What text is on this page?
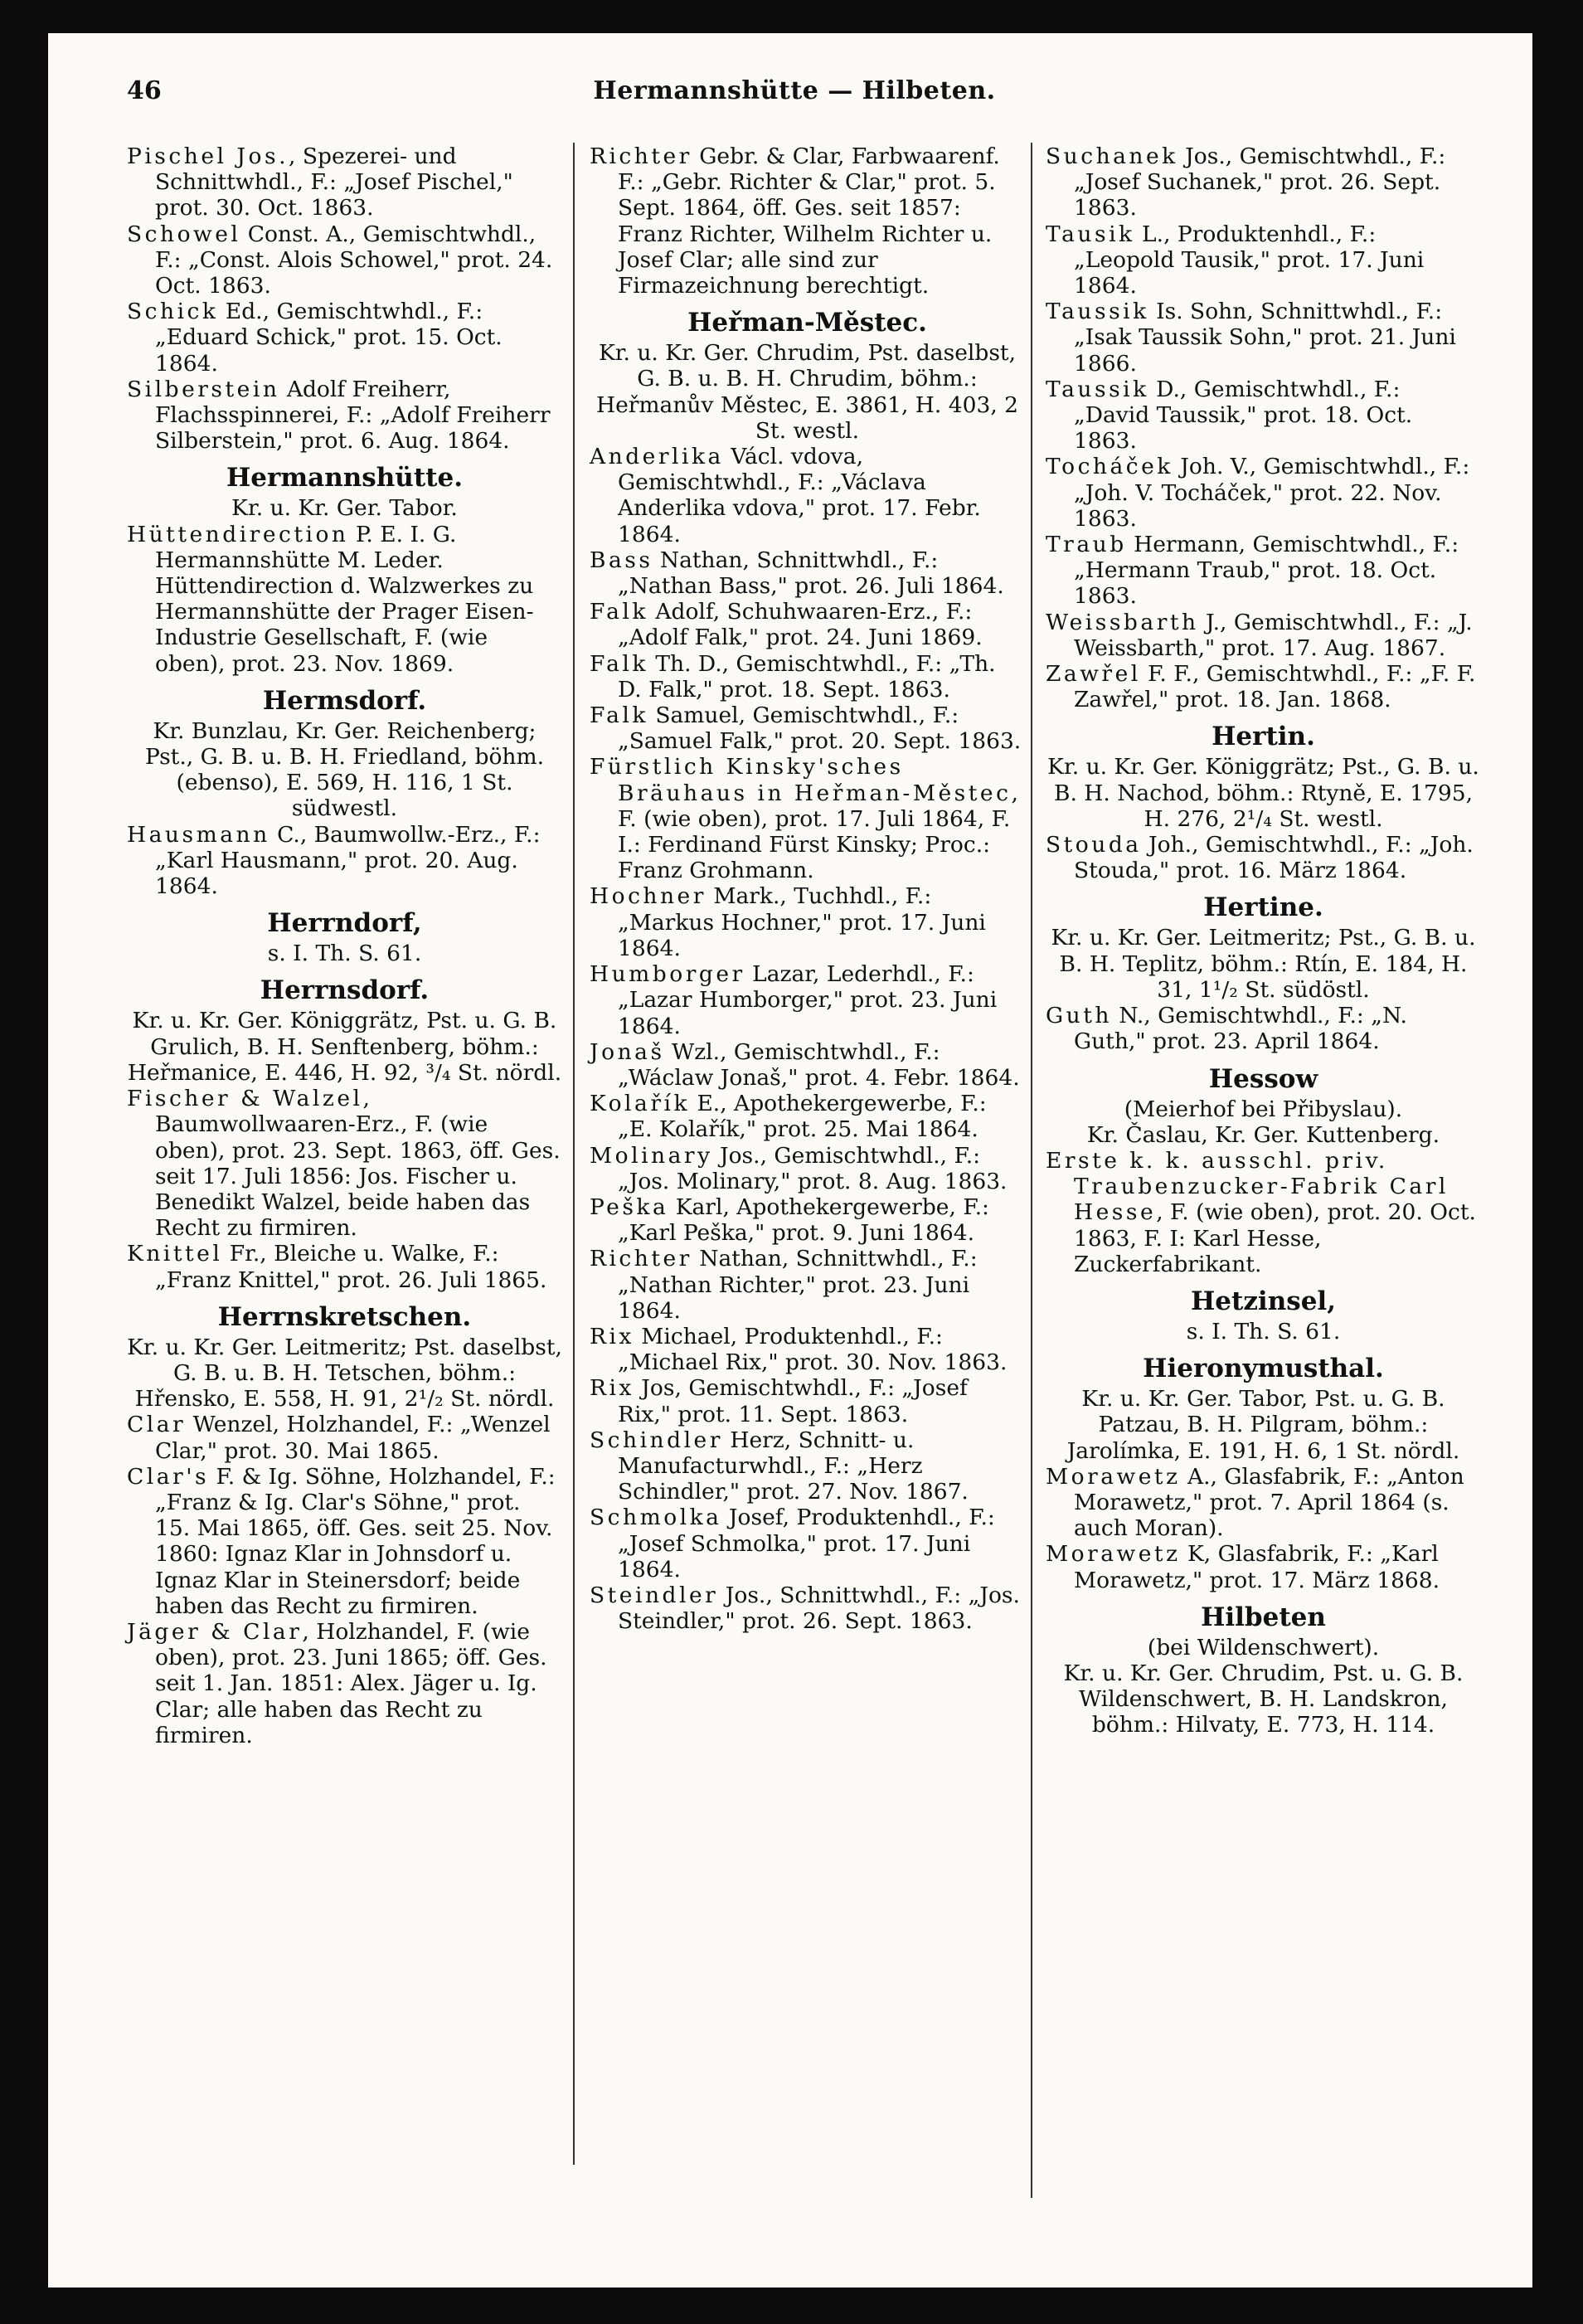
46	Hermannshütte — Hilbeten.

Pischel Jos., Spezerei- und Schnittwhdl., F.: „Josef Pischel," prot. 30. Oct. 1863.

Schowel Const. A., Gemischtwhdl., F.: „Const. Alois Schowel," prot. 24. Oct. 1863.

Schick Ed., Gemischtwhdl., F.: „Eduard Schick," prot. 15. Oct. 1864.

Silberstein Adolf Freiherr, Flachsspinnerei, F.: „Adolf Freiherr Silberstein," prot. 6. Aug. 1864.

Hermannshütte.

Kr. u. Kr. Ger. Tabor.

Hüttendirection P. E. I. G. Hermannshütte M. Leder. Hüttendirection d. Walzwerkes zu Hermannshütte der Prager Eisen-Industrie Gesellschaft, F. (wie oben), prot. 23. Nov. 1869.

Hermsdorf.

Kr. Bunzlau, Kr. Ger. Reichenberg; Pst., G. B. u. B. H. Friedland, böhm. (ebenso), E. 569, H. 116, 1 St. südwestl.

Hausmann C., Baumwollw.-Erz., F.: „Karl Hausmann," prot. 20. Aug. 1864.

Herrndorf,

s. I. Th. S. 61.

Herrnsdorf.

Kr. u. Kr. Ger. Königgrätz, Pst. u. G. B. Grulich, B. H. Senftenberg, böhm.: Heřmanice, E. 446, H. 92, ³/₄ St. nördl.

Fischer & Walzel, Baumwollwaaren-Erz., F. (wie oben), prot. 23. Sept. 1863, öff. Ges. seit 17. Juli 1856: Jos. Fischer u. Benedikt Walzel, beide haben das Recht zu firmiren.

Knittel Fr., Bleiche u. Walke, F.: „Franz Knittel," prot. 26. Juli 1865.

Herrnskretschen.

Kr. u. Kr. Ger. Leitmeritz; Pst. daselbst, G. B. u. B. H. Tetschen, böhm.: Hřensko, E. 558, H. 91, 2¹/₂ St. nördl.

Clar Wenzel, Holzhandel, F.: „Wenzel Clar," prot. 30. Mai 1865.

Clar's F. & Ig. Söhne, Holzhandel, F.: „Franz & Ig. Clar's Söhne," prot. 15. Mai 1865, öff. Ges. seit 25. Nov. 1860: Ignaz Klar in Johnsdorf u. Ignaz Klar in Steinersdorf; beide haben das Recht zu firmiren.

Jäger & Clar, Holzhandel, F. (wie oben), prot. 23. Juni 1865; öff. Ges. seit 1. Jan. 1851: Alex. Jäger u. Ig. Clar; alle haben das Recht zu firmiren.

Richter Gebr. & Clar, Farbwaarenf. F.: „Gebr. Richter & Clar," prot. 5. Sept. 1864, öff. Ges. seit 1857: Franz Richter, Wilhelm Richter u. Josef Clar; alle sind zur Firmazeichnung berechtigt.

Heřman-Městec.

Kr. u. Kr. Ger. Chrudim, Pst. daselbst, G. B. u. B. H. Chrudim, böhm.: Heřmanův Městec, E. 3861, H. 403, 2 St. westl.

Anderlika Václ. vdova, Gemischtwhdl., F.: „Václava Anderlika vdova," prot. 17. Febr. 1864.

Bass Nathan, Schnittwhdl., F.: „Nathan Bass," prot. 26. Juli 1864.

Falk Adolf, Schuhwaaren-Erz., F.: „Adolf Falk," prot. 24. Juni 1869.

Falk Th. D., Gemischtwhdl., F.: „Th. D. Falk," prot. 18. Sept. 1863.

Falk Samuel, Gemischtwhdl., F.: „Samuel Falk," prot. 20. Sept. 1863.

Fürstlich Kinsky'sches Bräuhaus in Heřman-Městec, F. (wie oben), prot. 17. Juli 1864, F. I.: Ferdinand Fürst Kinsky; Proc.: Franz Grohmann.

Hochner Mark., Tuchhdl., F.: „Markus Hochner," prot. 17. Juni 1864.

Humborger Lazar, Lederhdl., F.: „Lazar Humborger," prot. 23. Juni 1864.

Jonaš Wzl., Gemischtwhdl., F.: „Wáclaw Jonaš," prot. 4. Febr. 1864.

Kolařík E., Apothekergewerbe, F.: „E. Kolařík," prot. 25. Mai 1864.

Molinary Jos., Gemischtwhdl., F.: „Jos. Molinary," prot. 8. Aug. 1863.

Peška Karl, Apothekergewerbe, F.: „Karl Peška," prot. 9. Juni 1864.

Richter Nathan, Schnittwhdl., F.: „Nathan Richter," prot. 23. Juni 1864.

Rix Michael, Produktenhdl., F.: „Michael Rix," prot. 30. Nov. 1863.

Rix Jos, Gemischtwhdl., F.: „Josef Rix," prot. 11. Sept. 1863.

Schindler Herz, Schnitt- u. Manufacturwhdl., F.: „Herz Schindler," prot. 27. Nov. 1867.

Schmolka Josef, Produktenhdl., F.: „Josef Schmolka," prot. 17. Juni 1864.

Steindler Jos., Schnittwhdl., F.: „Jos. Steindler," prot. 26. Sept. 1863.

Suchanek Jos., Gemischtwhdl., F.: „Josef Suchanek," prot. 26. Sept. 1863.

Tausik L., Produktenhdl., F.: „Leopold Tausik," prot. 17. Juni 1864.

Taussik Is. Sohn, Schnittwhdl., F.: „Isak Taussik Sohn," prot. 21. Juni 1866.

Taussik D., Gemischtwhdl., F.: „David Taussik," prot. 18. Oct. 1863.

Tocháček Joh. V., Gemischtwhdl., F.: „Joh. V. Tocháček," prot. 22. Nov. 1863.

Traub Hermann, Gemischtwhdl., F.: „Hermann Traub," prot. 18. Oct. 1863.

Weissbarth J., Gemischtwhdl., F.: „J. Weissbarth," prot. 17. Aug. 1867.

Zawřel F. F., Gemischtwhdl., F.: „F. F. Zawřel," prot. 18. Jan. 1868.

Hertin.

Kr. u. Kr. Ger. Königgrätz; Pst., G. B. u. B. H. Nachod, böhm.: Rtyně, E. 1795, H. 276, 2¹/₄ St. westl.

Stouda Joh., Gemischtwhdl., F.: „Joh. Stouda," prot. 16. März 1864.

Hertine.

Kr. u. Kr. Ger. Leitmeritz; Pst., G. B. u. B. H. Teplitz, böhm.: Rtín, E. 184, H. 31, 1¹/₂ St. südöstl.

Guth N., Gemischtwhdl., F.: „N. Guth," prot. 23. April 1864.

Hessow

(Meierhof bei Přibyslau).

Kr. Časlau, Kr. Ger. Kuttenberg.

Erste k. k. ausschl. priv. Traubenzucker-Fabrik Carl Hesse, F. (wie oben), prot. 20. Oct. 1863, F. I: Karl Hesse, Zuckerfabrikant.

Hetzinsel,

s. I. Th. S. 61.

Hieronymusthal.

Kr. u. Kr. Ger. Tabor, Pst. u. G. B. Patzau, B. H. Pilgram, böhm.: Jarolímka, E. 191, H. 6, 1 St. nördl.

Morawetz A., Glasfabrik, F.: „Anton Morawetz," prot. 7. April 1864 (s. auch Moran).

Morawetz K, Glasfabrik, F.: „Karl Morawetz," prot. 17. März 1868.

Hilbeten

(bei Wildenschwert).

Kr. u. Kr. Ger. Chrudim, Pst. u. G. B. Wildenschwert, B. H. Landskron, böhm.: Hilvaty, E. 773, H. 114.
